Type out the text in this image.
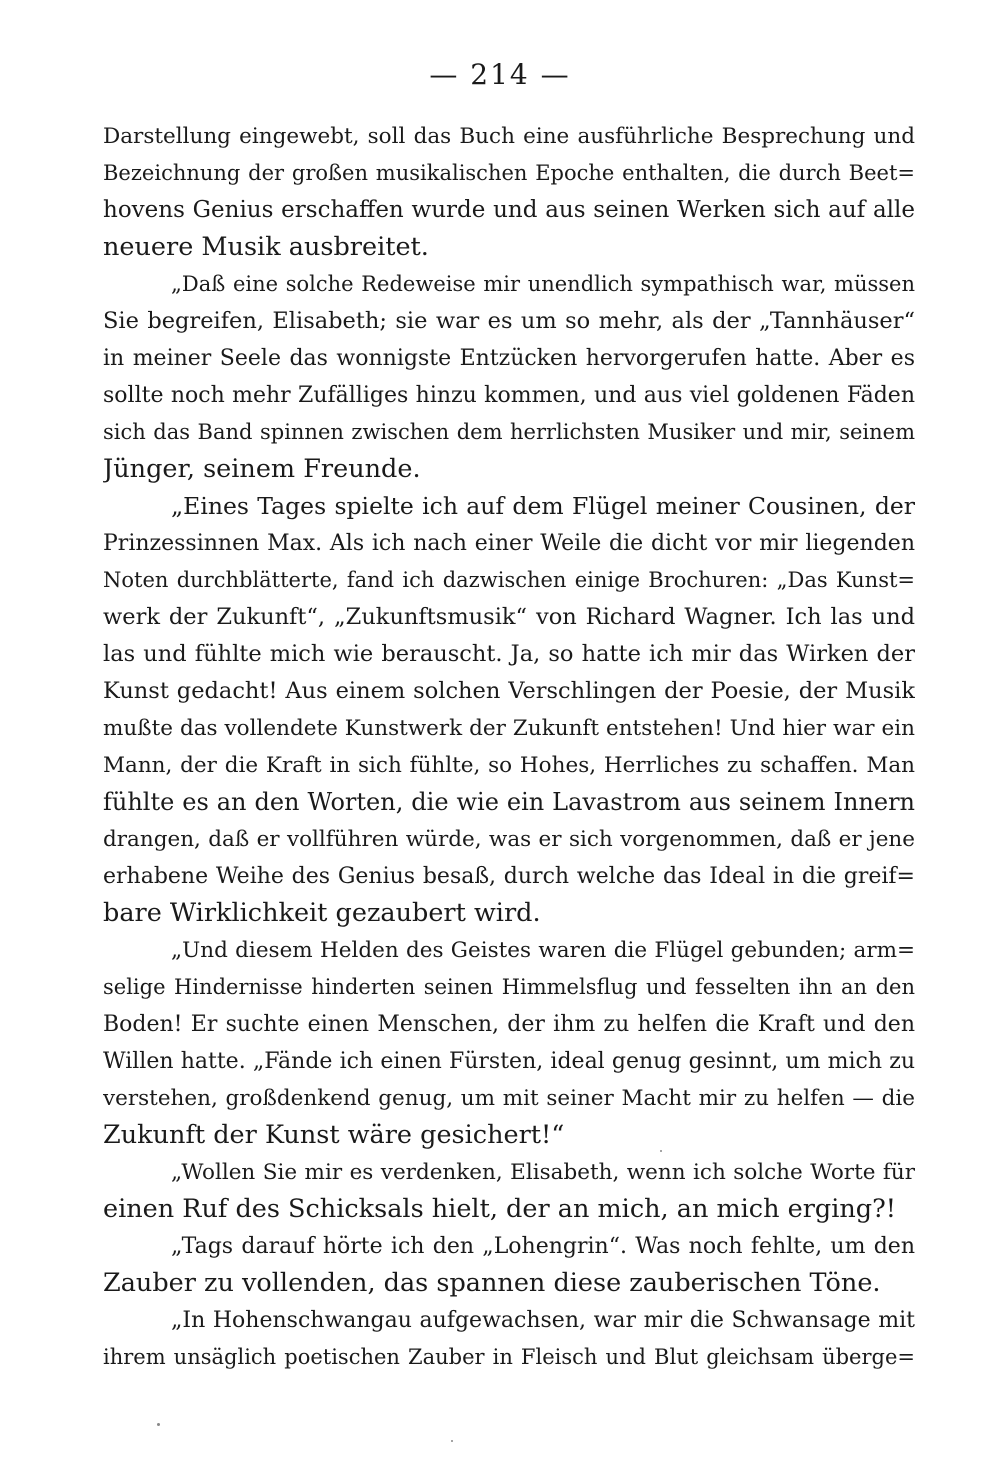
— 214 —
Darstellung eingewebt, soll das Buch eine ausführliche Besprechung und
Bezeichnung der großen musikalischen Epoche enthalten, die durch Beet=
hovens Genius erschaffen wurde und aus seinen Werken sich auf alle
neuere Musik ausbreitet.
„Daß eine solche Redeweise mir unendlich sympathisch war, müssen
Sie begreifen, Elisabeth; sie war es um so mehr, als der „Tannhäuser“
in meiner Seele das wonnigste Entzücken hervorgerufen hatte. Aber es
sollte noch mehr Zufälliges hinzu kommen, und aus viel goldenen Fäden
sich das Band spinnen zwischen dem herrlichsten Musiker und mir, seinem
Jünger, seinem Freunde.
„Eines Tages spielte ich auf dem Flügel meiner Cousinen, der
Prinzessinnen Max. Als ich nach einer Weile die dicht vor mir liegenden
Noten durchblätterte, fand ich dazwischen einige Brochuren: „Das Kunst=
werk der Zukunft“, „Zukunftsmusik“ von Richard Wagner. Ich las und
las und fühlte mich wie berauscht. Ja, so hatte ich mir das Wirken der
Kunst gedacht! Aus einem solchen Verschlingen der Poesie, der Musik
mußte das vollendete Kunstwerk der Zukunft entstehen! Und hier war ein
Mann, der die Kraft in sich fühlte, so Hohes, Herrliches zu schaffen. Man
fühlte es an den Worten, die wie ein Lavastrom aus seinem Innern
drangen, daß er vollführen würde, was er sich vorgenommen, daß er jene
erhabene Weihe des Genius besaß, durch welche das Ideal in die greif=
bare Wirklichkeit gezaubert wird.
„Und diesem Helden des Geistes waren die Flügel gebunden; arm=
selige Hindernisse hinderten seinen Himmelsflug und fesselten ihn an den
Boden! Er suchte einen Menschen, der ihm zu helfen die Kraft und den
Willen hatte. „Fände ich einen Fürsten, ideal genug gesinnt, um mich zu
verstehen, großdenkend genug, um mit seiner Macht mir zu helfen — die
Zukunft der Kunst wäre gesichert!“
„Wollen Sie mir es verdenken, Elisabeth, wenn ich solche Worte für
einen Ruf des Schicksals hielt, der an mich, an mich erging?!
„Tags darauf hörte ich den „Lohengrin“. Was noch fehlte, um den
Zauber zu vollenden, das spannen diese zauberischen Töne.
„In Hohenschwangau aufgewachsen, war mir die Schwansage mit
ihrem unsäglich poetischen Zauber in Fleisch und Blut gleichsam überge=
